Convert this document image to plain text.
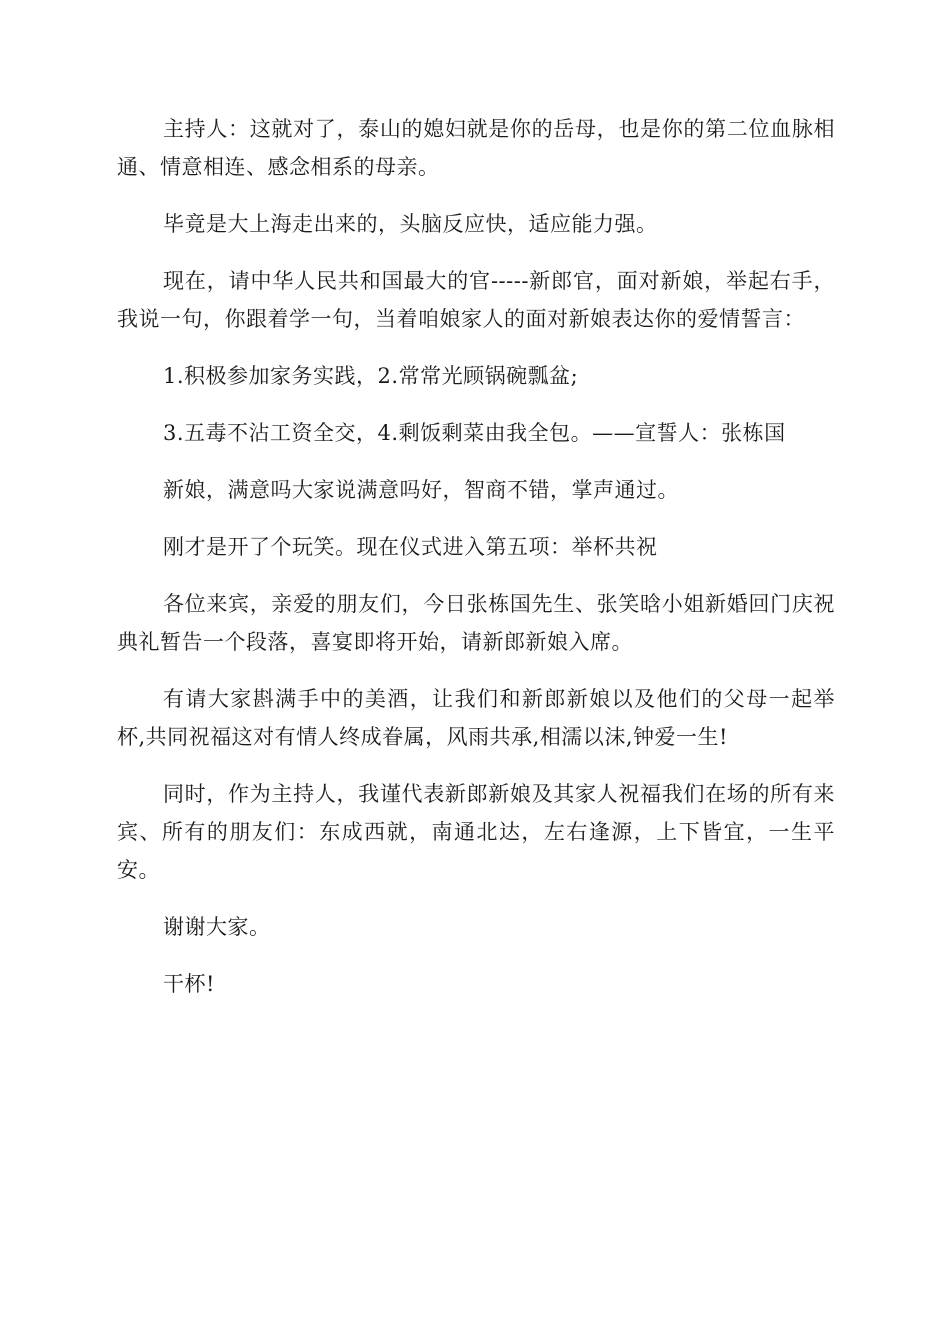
主持人：这就对了，泰山的媳妇就是你的岳母，也是你的第二位血脉相通、情意相连、感念相系的母亲。

毕竟是大上海走出来的，头脑反应快，适应能力强。

现在，请中华人民共和国最大的官-----新郎官，面对新娘，举起右手，我说一句，你跟着学一句，当着咱娘家人的面对新娘表达你的爱情誓言：

1.积极参加家务实践，2.常常光顾锅碗瓢盆;

3.五毒不沾工资全交，4.剩饭剩菜由我全包。——宣誓人：张栋国

新娘，满意吗大家说满意吗好，智商不错，掌声通过。

刚才是开了个玩笑。现在仪式进入第五项：举杯共祝

各位来宾，亲爱的朋友们，今日张栋国先生、张笑晗小姐新婚回门庆祝典礼暂告一个段落，喜宴即将开始，请新郎新娘入席。

有请大家斟满手中的美酒，让我们和新郎新娘以及他们的父母一起举杯,共同祝福这对有情人终成眷属，风雨共承,相濡以沫,钟爱一生!

同时，作为主持人，我谨代表新郎新娘及其家人祝福我们在场的所有来宾、所有的朋友们：东成西就，南通北达，左右逢源，上下皆宜，一生平安。

谢谢大家。

干杯!
